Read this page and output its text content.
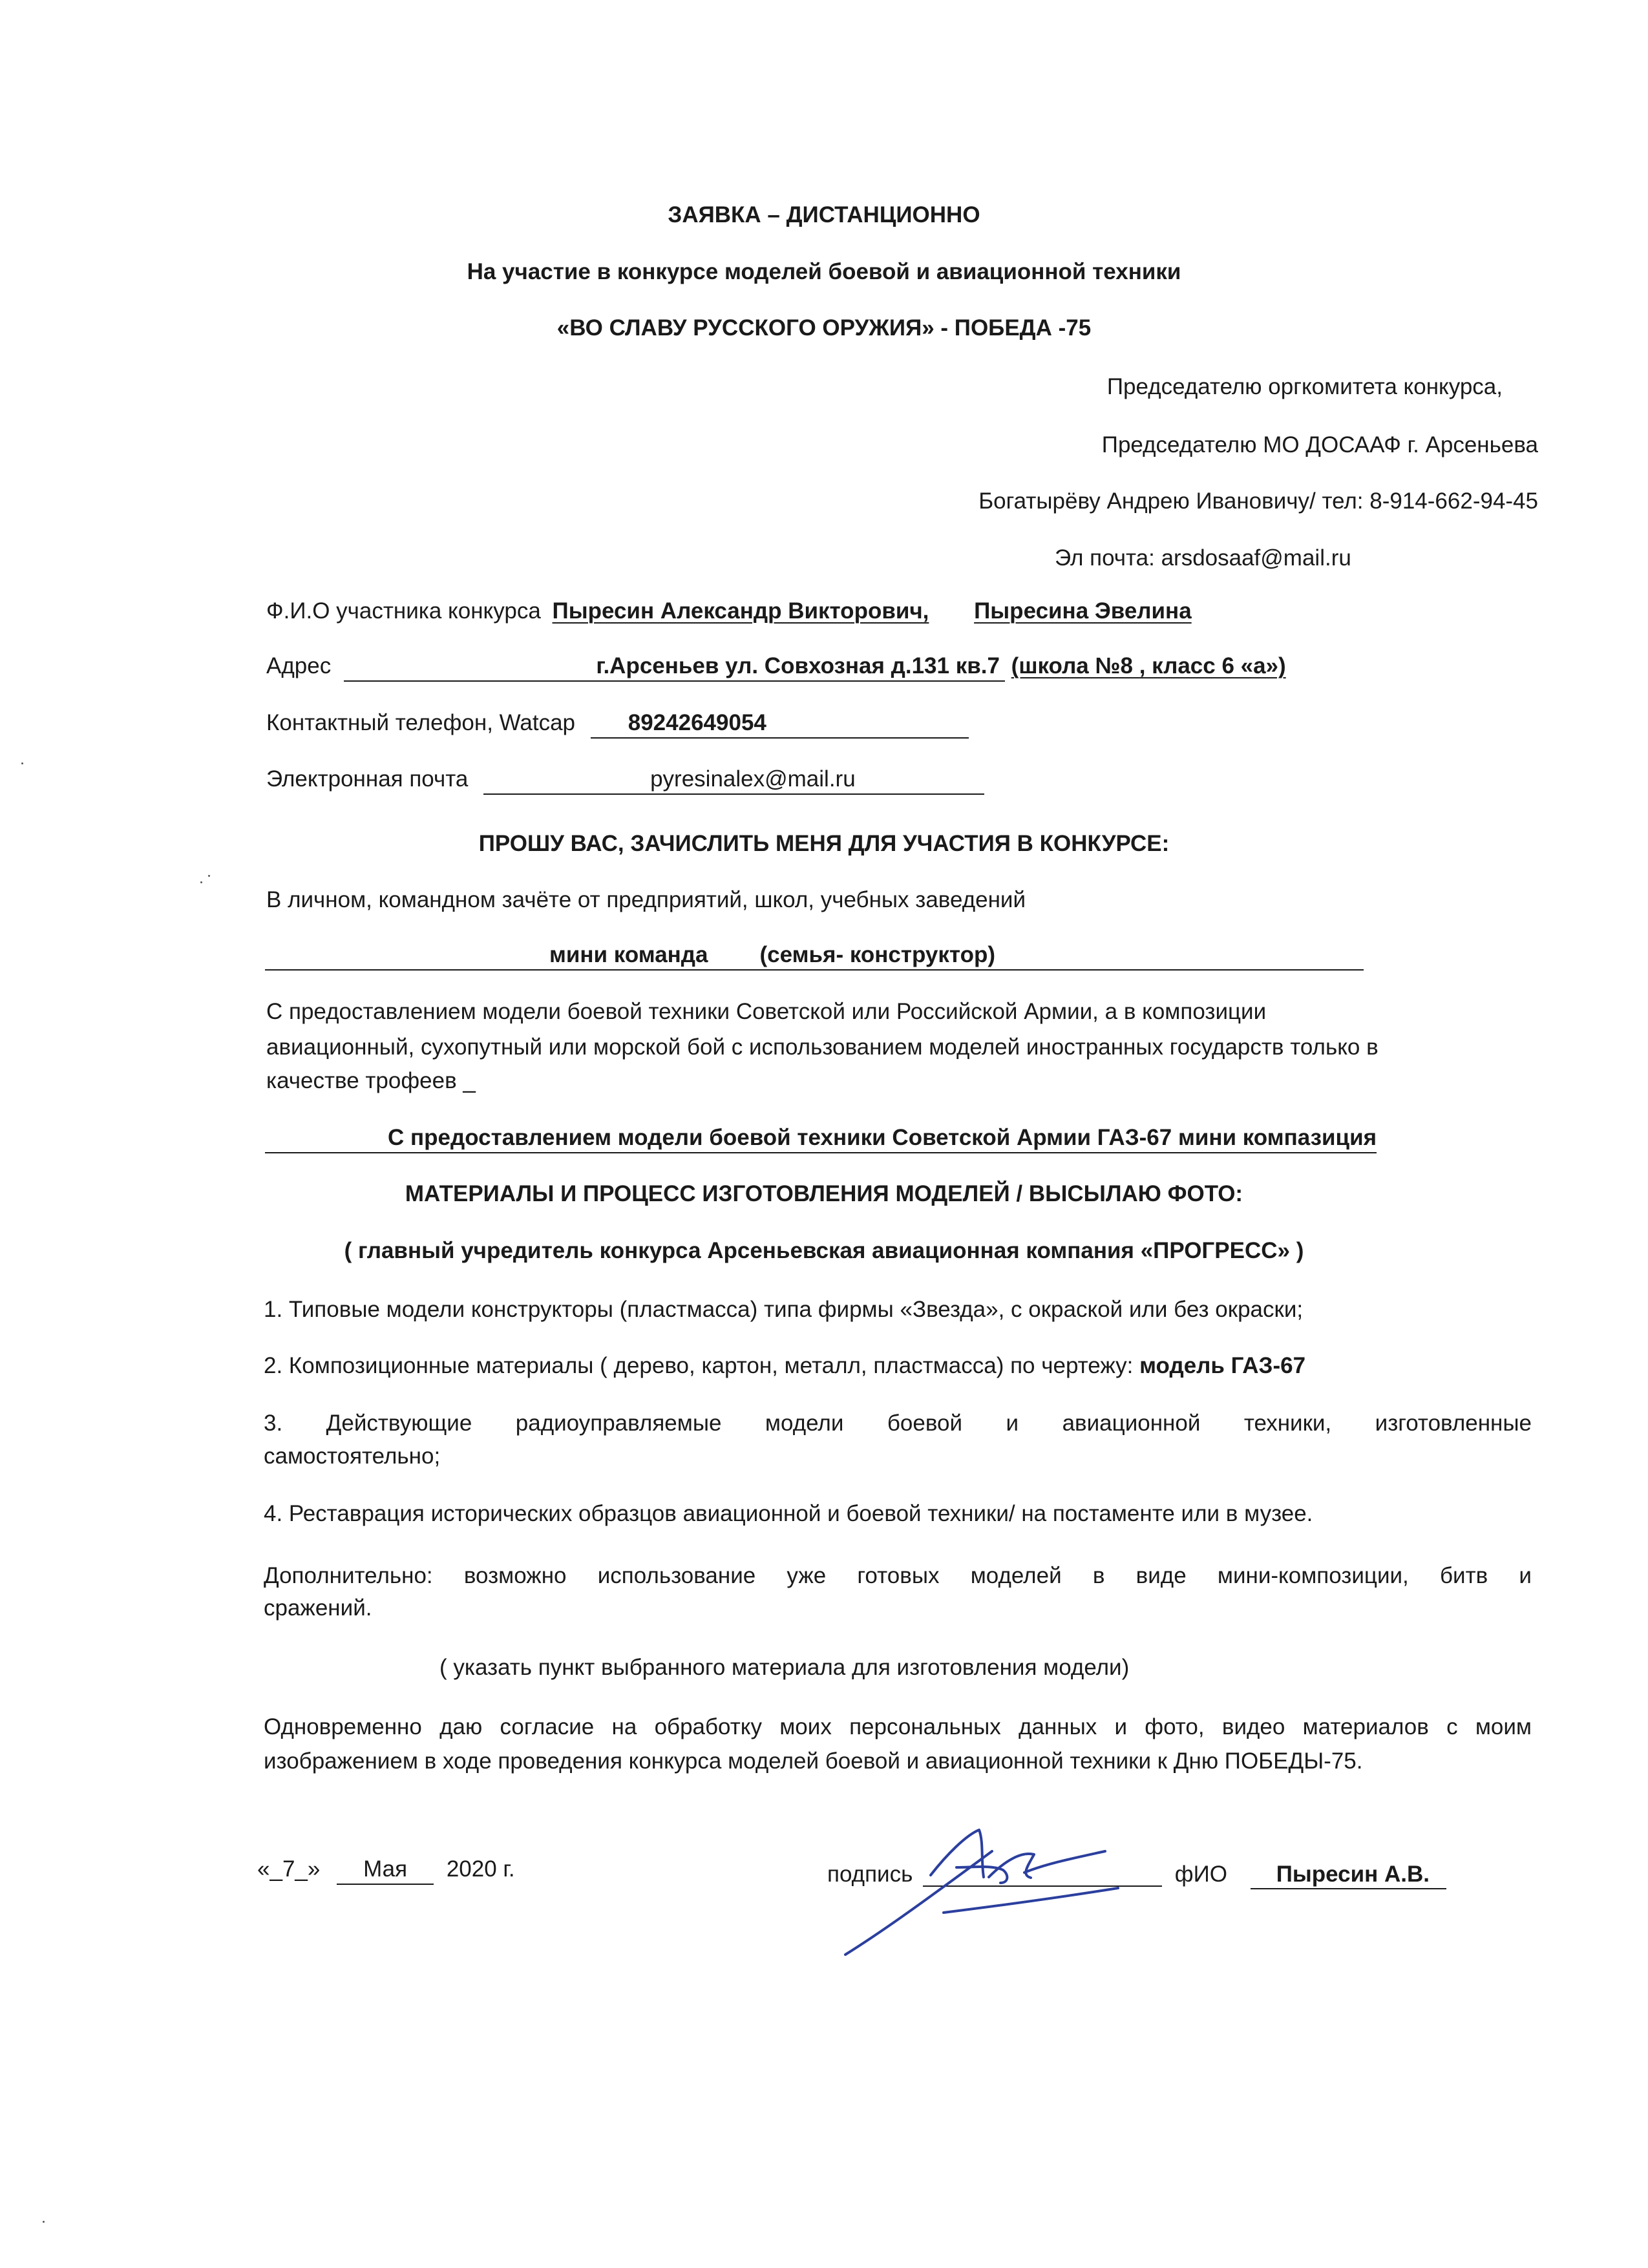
ЗАЯВКА – ДИСТАНЦИОННО
На участие в конкурсе моделей боевой и авиационной техники
«ВО СЛАВУ РУССКОГО ОРУЖИЯ» - ПОБЕДА -75
Председателю оргкомитета конкурса,
Председателю МО ДОСААФ г. Арсеньева
Богатырёву Андрею Ивановичу/ тел: 8-914-662-94-45
Эл почта: arsdosaaf@mail.ru
Ф.И.О участника конкурса Пыресин Александр Викторович, Пыресина Эвелина
Адрес	г.Арсеньев ул. Совхозная д.131 кв.7 (школа №8 , класс 6 «а»)
Контактный телефон, Watcap 89242649054
Электронная почта	pyresinalex@mail.ru
ПРОШУ ВАС, ЗАЧИСЛИТЬ МЕНЯ ДЛЯ УЧАСТИЯ В КОНКУРСЕ:
В личном, командном зачёте от предприятий, школ, учебных заведений
мини команда (семья- конструктор)
С предоставлением модели боевой техники Советской или Российской Армии, а в композиции
авиационный, сухопутный или морской бой с использованием моделей иностранных государств только в
качестве трофеев _
С предоставлением модели боевой техники Советской Армии ГАЗ-67 мини компазиция
МАТЕРИАЛЫ И ПРОЦЕСС ИЗГОТОВЛЕНИЯ МОДЕЛЕЙ / ВЫСЫЛАЮ ФОТО:
( главный учредитель конкурса Арсеньевская авиационная компания «ПРОГРЕСС» )
1. Типовые модели конструкторы (пластмасса) типа фирмы «Звезда», с окраской или без окраски;
2. Композиционные материалы ( дерево, картон, металл, пластмасса) по чертежу: модель ГАЗ-67
3. Действующие радиоуправляемые модели боевой и авиационной техники, изготовленные
самостоятельно;
4. Реставрация исторических образцов авиационной и боевой техники/ на постаменте или в музее.
Дополнительно: возможно использование уже готовых моделей в виде мини-композиции, битв и
сражений.
( указать пункт выбранного материала для изготовления модели)
Одновременно даю согласие на обработку моих персональных данных и фото, видео материалов с моим
изображением в ходе проведения конкурса моделей боевой и авиационной техники к Дню ПОБЕДЫ-75.
«_7_» Мая 2020 г.	подпись	фИО Пыресин А.В.
